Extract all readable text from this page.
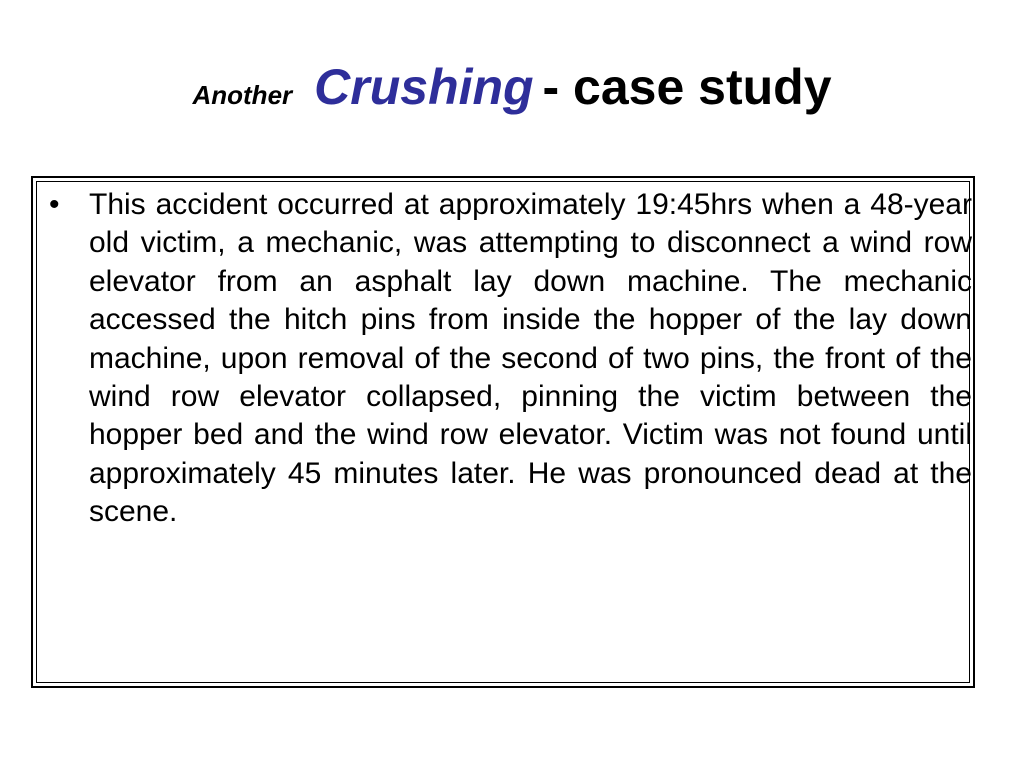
Another Crushing - case study
• This accident occurred at approximately 19:45hrs when a 48-year old victim, a mechanic, was attempting to disconnect a wind row elevator from an asphalt lay down machine. The mechanic accessed the hitch pins from inside the hopper of the lay down machine, upon removal of the second of two pins, the front of the wind row elevator collapsed, pinning the victim between the hopper bed and the wind row elevator. Victim was not found until approximately 45 minutes later. He was pronounced dead at the scene.
